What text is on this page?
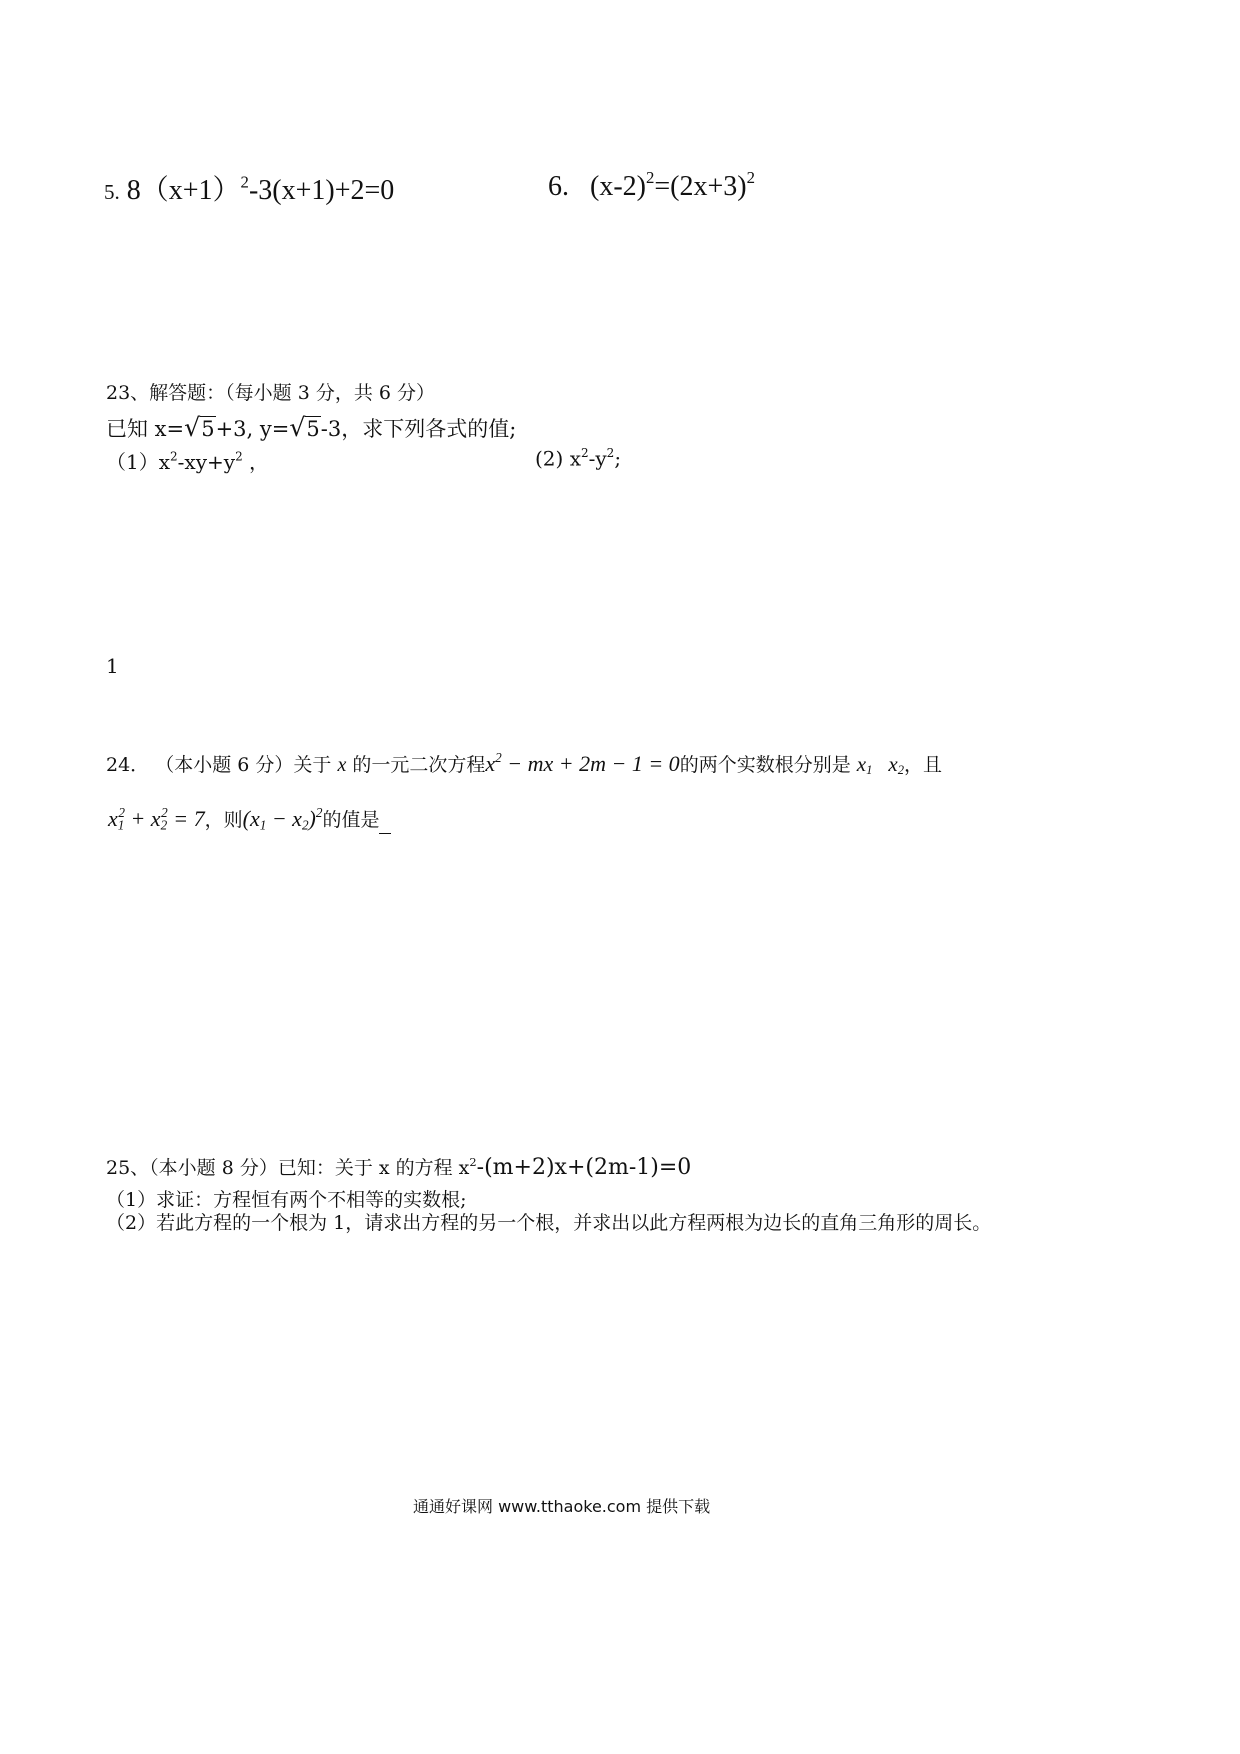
5. $8(x+1)^2-3(x+1)+2=0$	6. $(x-2)^2=(2x+3)^2$
23、解答题：（每小题 3 分，共 6 分）
已知 x=√5+3, y=√5-3，求下列各式的值;
$(1)x^2-xy+y^2$ ，	(2) $x^2-y^2$;
1
24． （本小题 6 分）关于 x 的一元二次方程$x^2$ − mx + 2m − 1 = 0的两个实数根分别是 $x_1$ $x_2$，且
$x_1^2 + x_2^2 = 7$，则$(x_1 - x_2)^2$的值是
25、（本小题 8 分）已知：关于 x 的方程 $x^2-(m+2)x+(2m-1)=0$
（1）求证：方程恒有两个不相等的实数根;
（2）若此方程的一个根为 1，请求出方程的另一个根，并求出以此方程两根为边长的直角三角形的周长。
通通好课网 www.tthaoke.com 提供下载
